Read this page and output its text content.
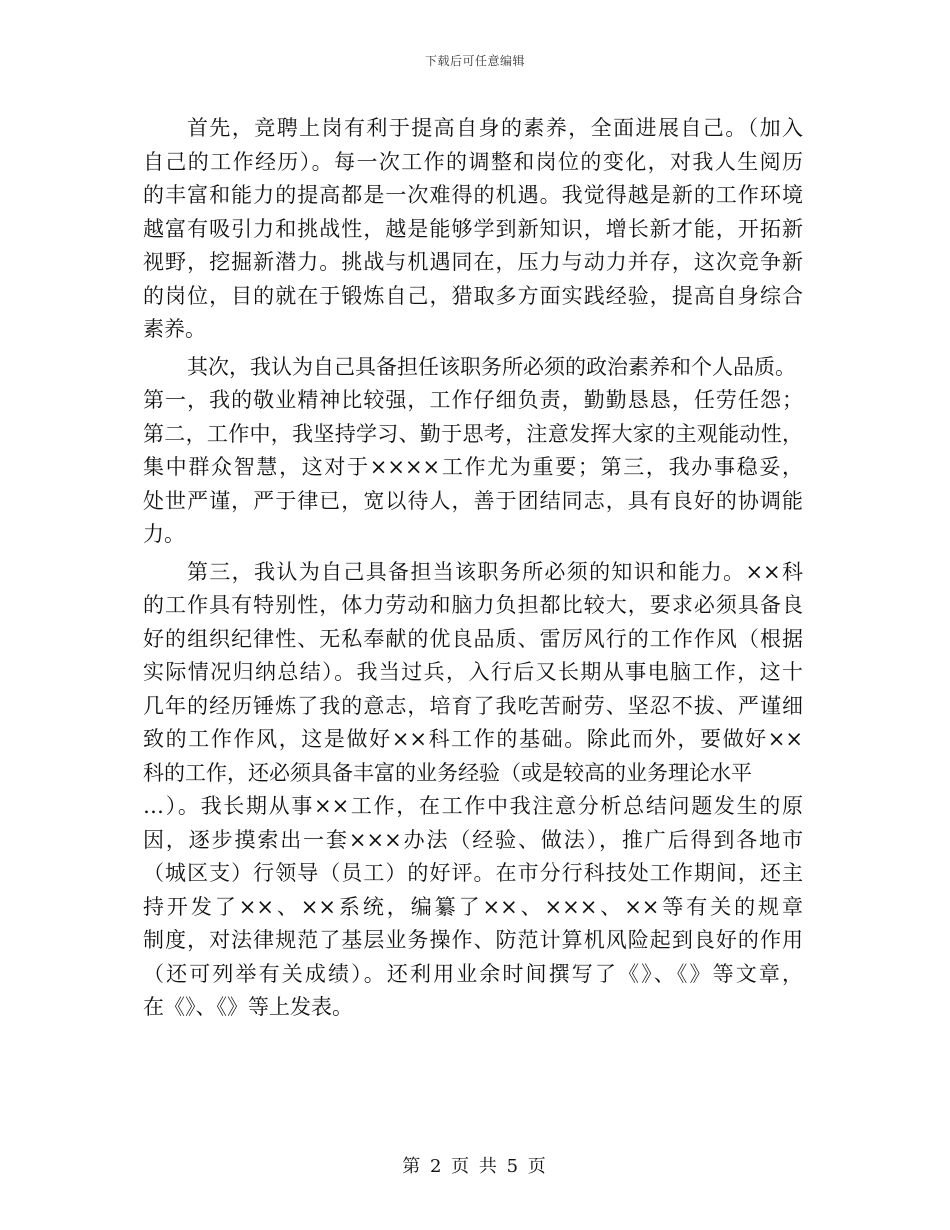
下载后可任意编辑
首先，竞聘上岗有利于提高自身的素养，全面进展自己。（加入
自己的工作经历）。每一次工作的调整和岗位的变化，对我人生阅历
的丰富和能力的提高都是一次难得的机遇。我觉得越是新的工作环境
越富有吸引力和挑战性，越是能够学到新知识，增长新才能，开拓新
视野，挖掘新潜力。挑战与机遇同在，压力与动力并存，这次竞争新
的岗位，目的就在于锻炼自己，猎取多方面实践经验，提高自身综合
素养。
其次，我认为自己具备担任该职务所必须的政治素养和个人品质。
第一，我的敬业精神比较强，工作仔细负责，勤勤恳恳，任劳任怨；
第二，工作中，我坚持学习、勤于思考，注意发挥大家的主观能动性，
集中群众智慧，这对于××××工作尤为重要；第三，我办事稳妥，
处世严谨，严于律已，宽以待人，善于团结同志，具有良好的协调能
力。
第三，我认为自己具备担当该职务所必须的知识和能力。××科
的工作具有特别性，体力劳动和脑力负担都比较大，要求必须具备良
好的组织纪律性、无私奉献的优良品质、雷厉风行的工作作风（根据
实际情况归纳总结）。我当过兵，入行后又长期从事电脑工作，这十
几年的经历锤炼了我的意志，培育了我吃苦耐劳、坚忍不拔、严谨细
致的工作作风，这是做好××科工作的基础。除此而外，要做好××
科的工作，还必须具备丰富的业务经验（或是较高的业务理论水平
…）。我长期从事××工作，在工作中我注意分析总结问题发生的原
因，逐步摸索出一套×××办法（经验、做法），推广后得到各地市
（城区支）行领导（员工）的好评。在市分行科技处工作期间，还主
持开发了××、××系统，编纂了××、×××、××等有关的规章
制度，对法律规范了基层业务操作、防范计算机风险起到良好的作用
（还可列举有关成绩）。还利用业余时间撰写了《》、《》等文章，
在《》、《》等上发表。
第 2 页 共 5 页
